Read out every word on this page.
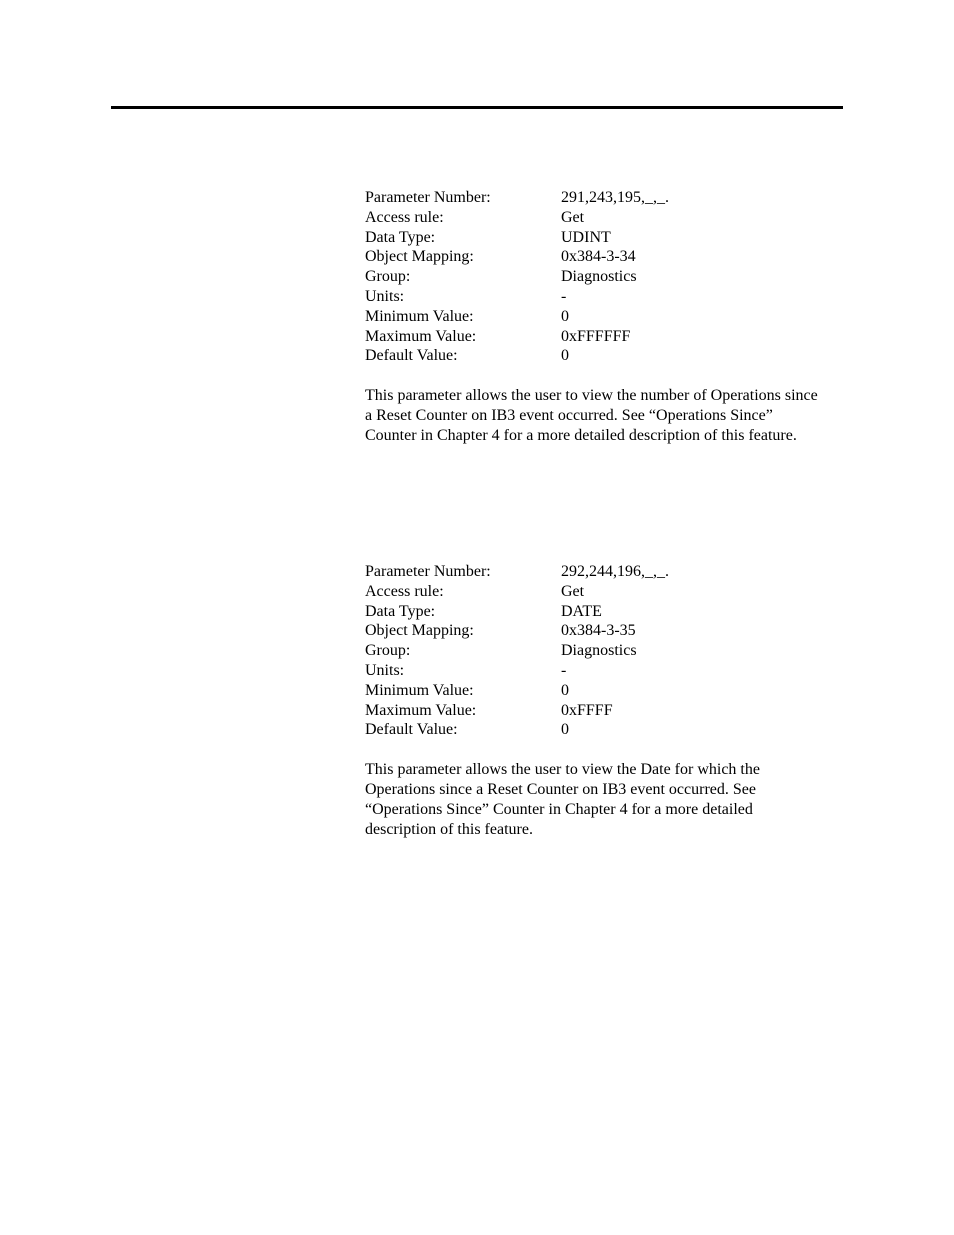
Parameter Number:	291,243,195,_,_.
Access rule:	Get
Data Type:	UDINT
Object Mapping:	0x384-3-34
Group:	Diagnostics
Units:	-
Minimum Value:	0
Maximum Value:	0xFFFFFF
Default Value:	0

This parameter allows the user to view the number of Operations since a Reset Counter on IB3 event occurred. See “Operations Since” Counter in Chapter 4 for a more detailed description of this feature.

Parameter Number:	292,244,196,_,_.
Access rule:	Get
Data Type:	DATE
Object Mapping:	0x384-3-35
Group:	Diagnostics
Units:	-
Minimum Value:	0
Maximum Value:	0xFFFF
Default Value:	0

This parameter allows the user to view the Date for which the Operations since a Reset Counter on IB3 event occurred. See “Operations Since” Counter in Chapter 4 for a more detailed description of this feature.
